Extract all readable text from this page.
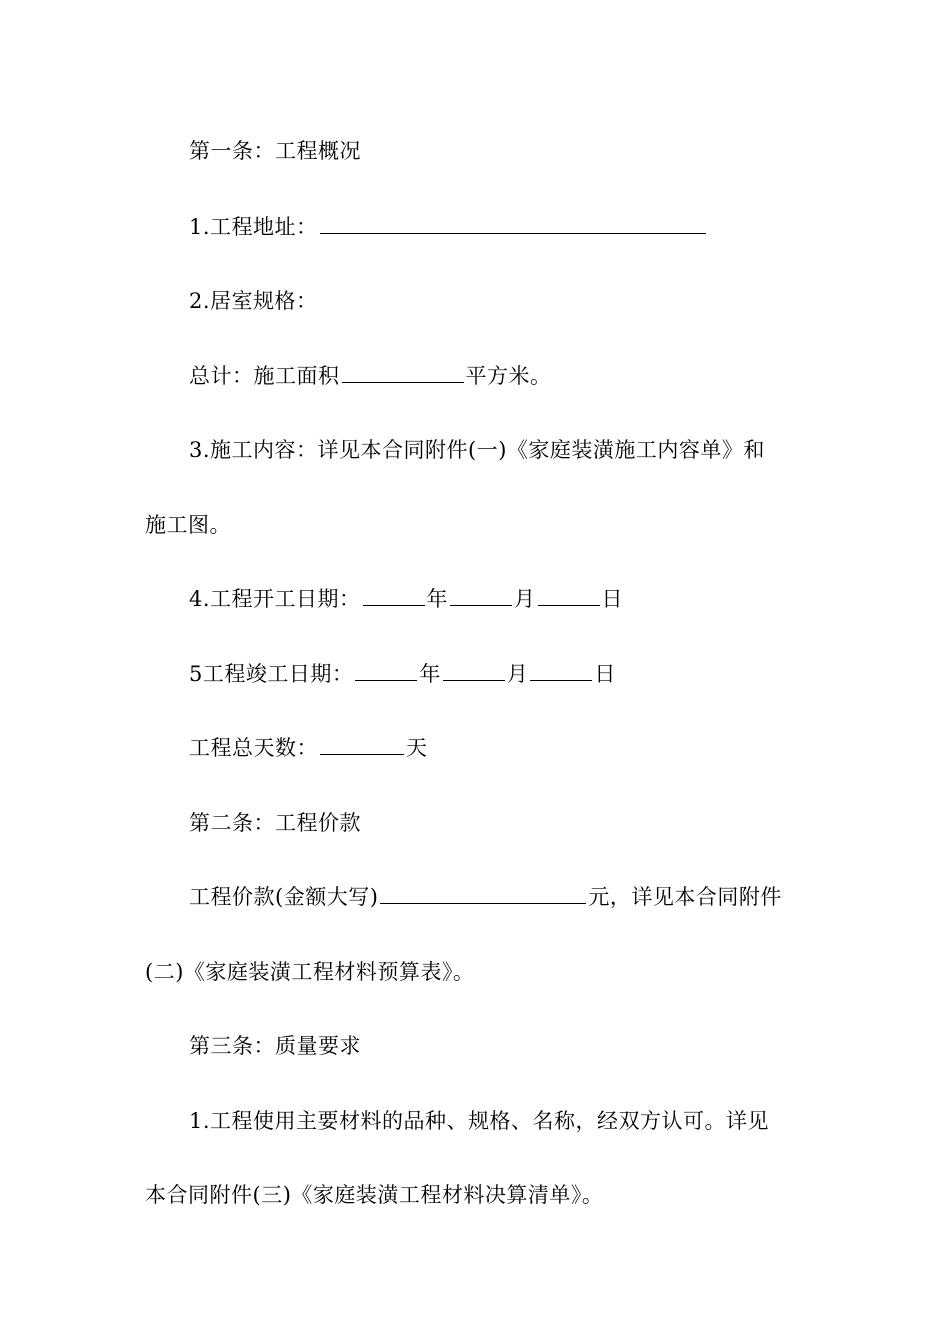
第一条：工程概况
1.工程地址：
2.居室规格：
总计：施工面积	平方米。
3.施工内容：详见本合同附件(一)《家庭装潢施工内容单》和
施工图。
4.工程开工日期：	年	月	日
5工程竣工日期：	年	月	日
工程总天数：	天
第二条：工程价款
工程价款(金额大写)	元，详见本合同附件
(二)《家庭装潢工程材料预算表》。
第三条：质量要求
1.工程使用主要材料的品种、规格、名称，经双方认可。详见
本合同附件(三)《家庭装潢工程材料决算清单》。
